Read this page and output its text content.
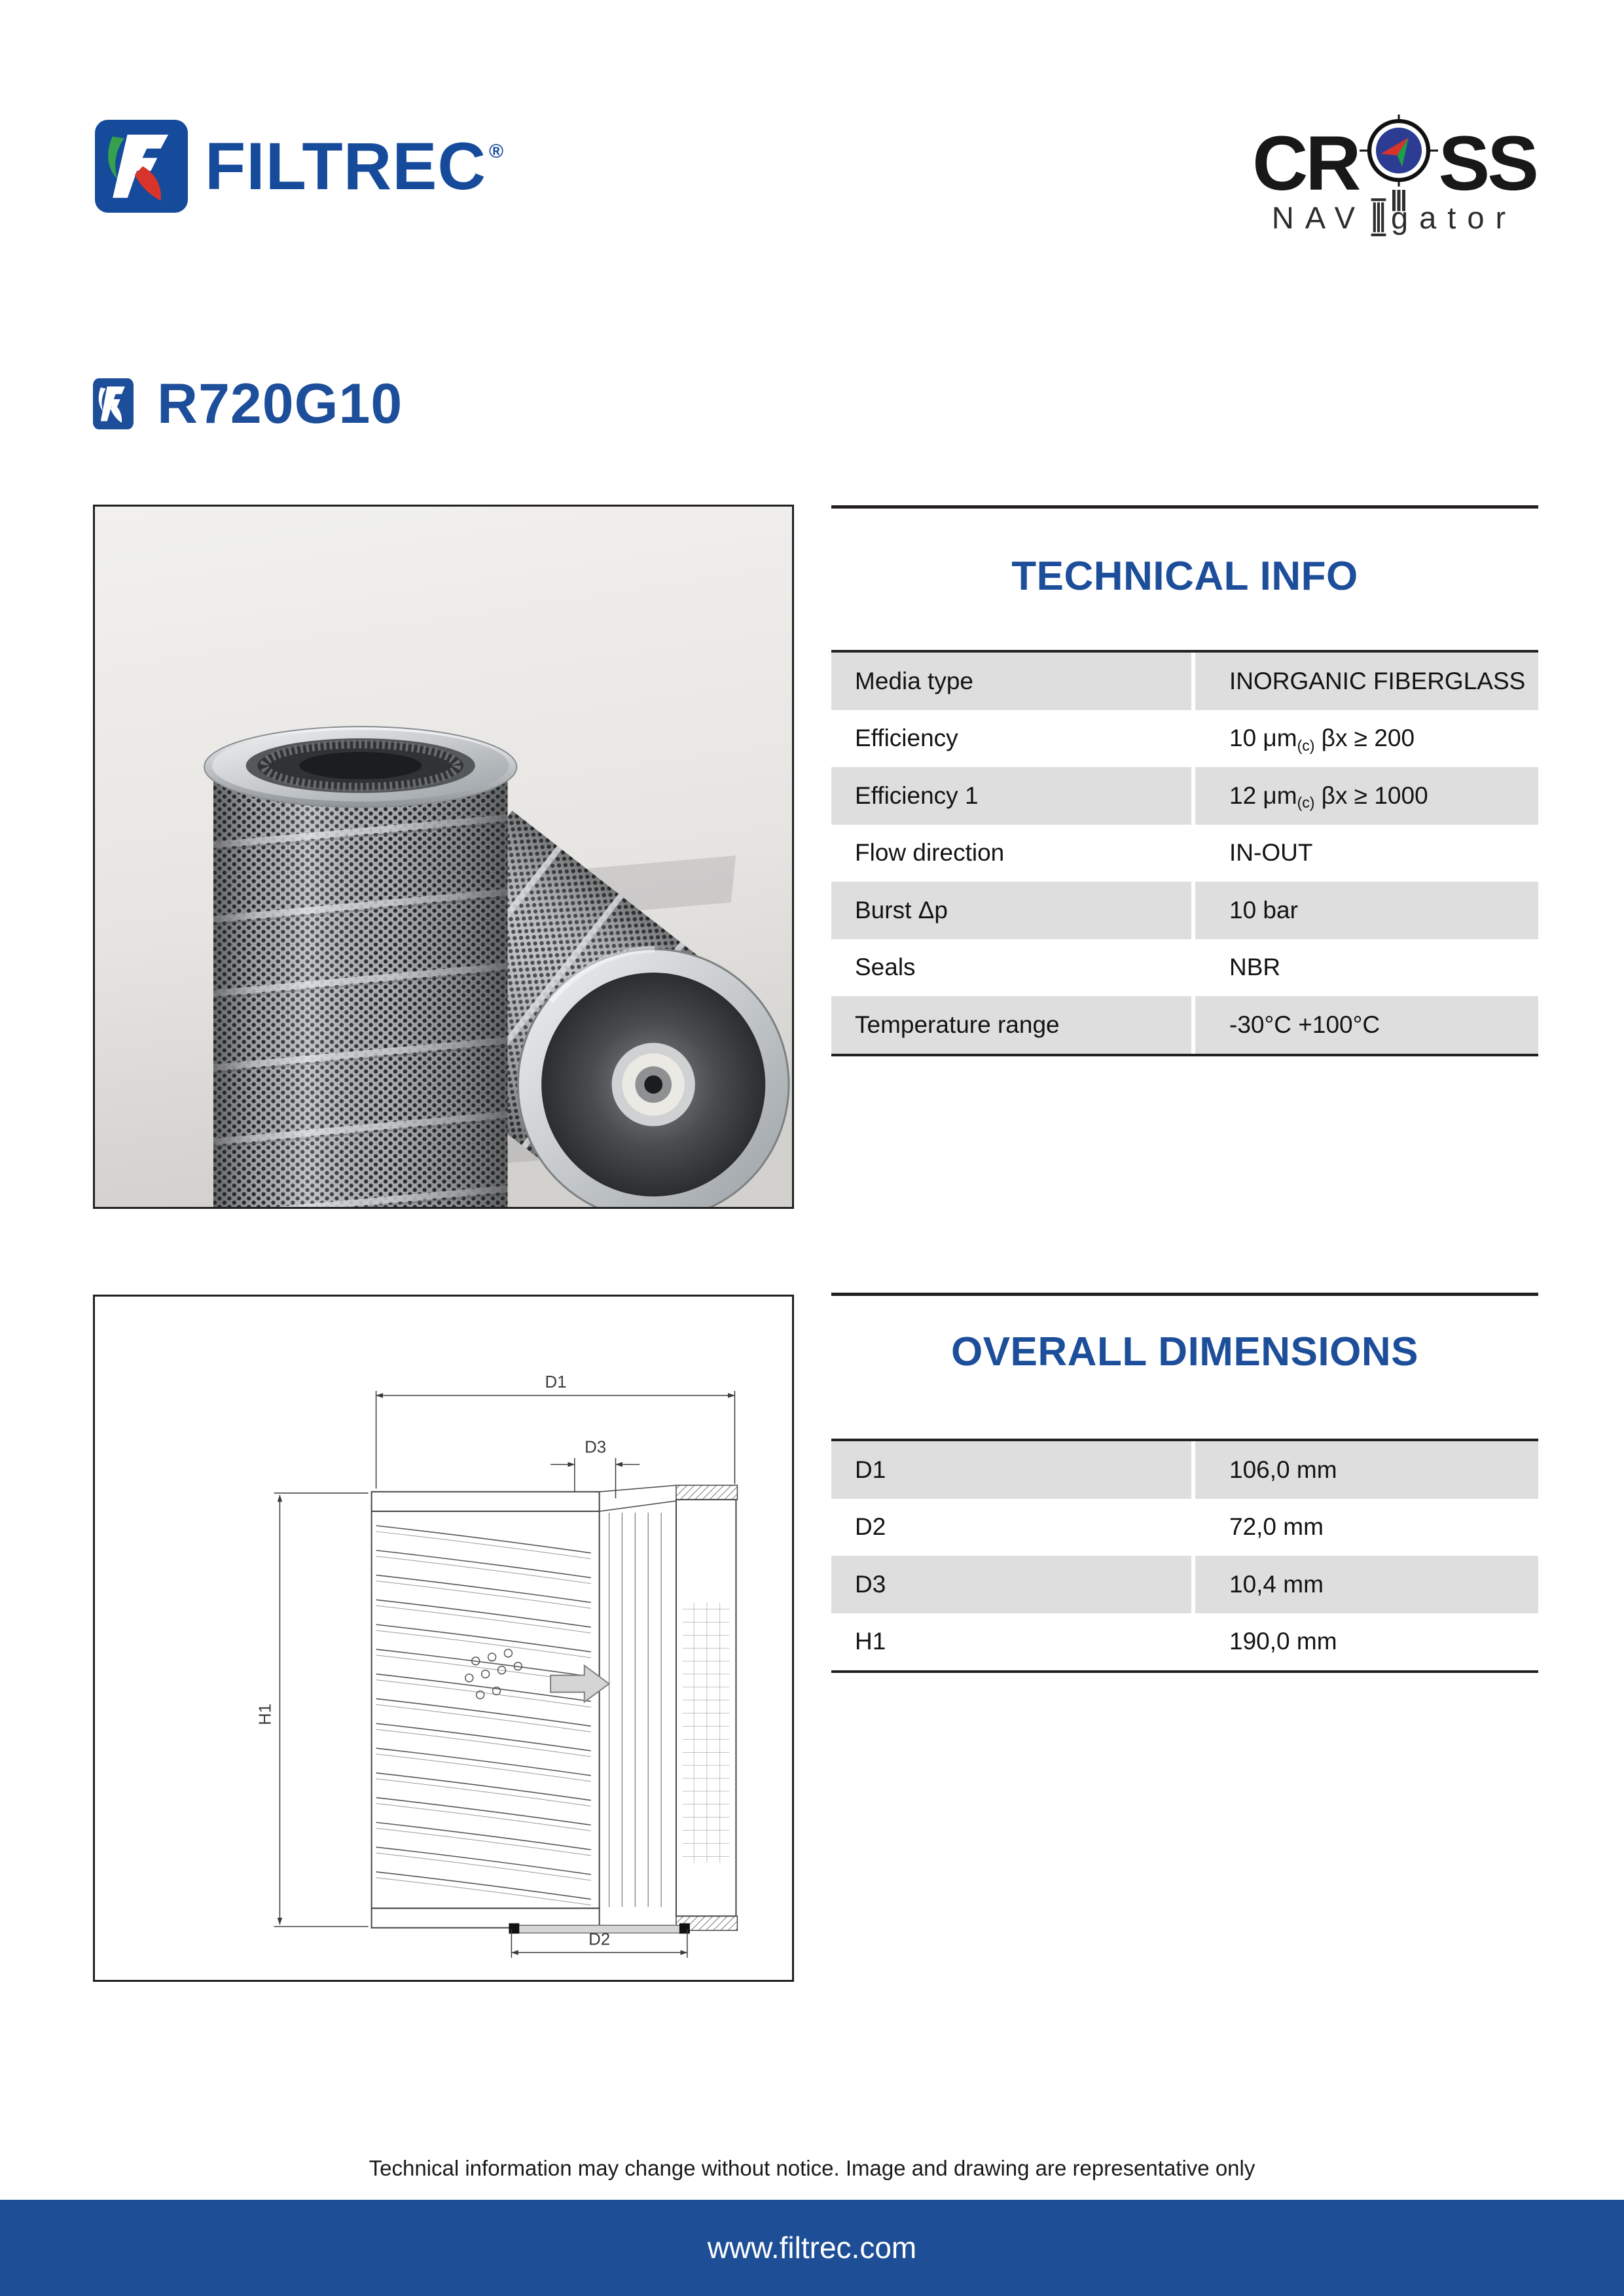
FILTREC ®	CR SS
NAV gator
R720G10
TECHNICAL INFO
Media type	INORGANIC FIBERGLASS
Efficiency	10 μm (c) βx ≥ 200
Efficiency 1	12 μm (c) βx ≥ 1000
Flow direction	IN-OUT
Burst Δp	10 bar
Seals	NBR
Temperature range	-30°C +100°C
D1
D3
H1
D2
OVERALL DIMENSIONS
D1	106,0 mm
D2	72,0 mm
D3	10,4 mm
H1	190,0 mm
Technical information may change without notice. Image and drawing are representative only
www.filtrec.com
